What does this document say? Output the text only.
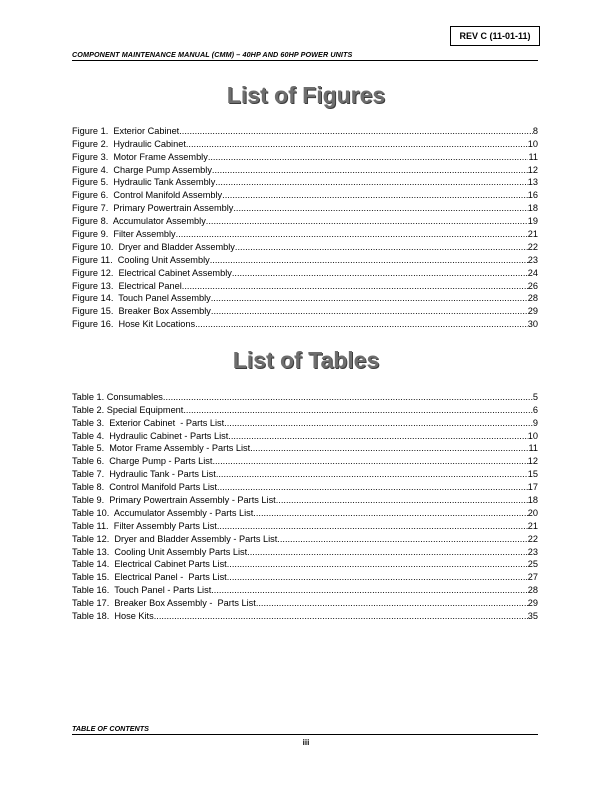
REV C (11-01-11)
COMPONENT MAINTENANCE MANUAL (CMM) – 40HP AND 60HP POWER UNITS
List of Figures
Figure 1.  Exterior Cabinet .....	8
Figure 2.  Hydraulic Cabinet .....	10
Figure 3.  Motor Frame Assembly .....	11
Figure 4.  Charge Pump Assembly .....	12
Figure 5.  Hydraulic Tank Assembly .....	13
Figure 6.  Control Manifold Assembly .....	16
Figure 7.  Primary Powertrain Assembly .....	18
Figure 8.  Accumulator Assembly .....	19
Figure 9.  Filter Assembly .....	21
Figure 10.  Dryer and Bladder Assembly .....	22
Figure 11.  Cooling Unit Assembly .....	23
Figure 12.  Electrical Cabinet Assembly .....	24
Figure 13.  Electrical Panel .....	26
Figure 14.  Touch Panel Assembly .....	28
Figure 15.  Breaker Box Assembly .....	29
Figure 16.  Hose Kit Locations .....	30
List of Tables
Table 1. Consumables .....	5
Table 2. Special Equipment .....	6
Table 3.  Exterior Cabinet  - Parts List .....	9
Table 4.  Hydraulic Cabinet - Parts List .....	10
Table 5.  Motor Frame Assembly - Parts List .....	11
Table 6.  Charge Pump - Parts List .....	12
Table 7.  Hydraulic Tank - Parts List .....	15
Table 8.  Control Manifold Parts List .....	17
Table 9.  Primary Powertrain Assembly - Parts List .....	18
Table 10.  Accumulator Assembly - Parts List .....	20
Table 11.  Filter Assembly Parts List .....	21
Table 12.  Dryer and Bladder Assembly - Parts List .....	22
Table 13.  Cooling Unit Assembly Parts List .....	23
Table 14.  Electrical Cabinet Parts List .....	25
Table 15.  Electrical Panel -  Parts List .....	27
Table 16.  Touch Panel - Parts List .....	28
Table 17.  Breaker Box Assembly -  Parts List .....	29
Table 18.  Hose Kits .....	35
TABLE OF CONTENTS
iii
